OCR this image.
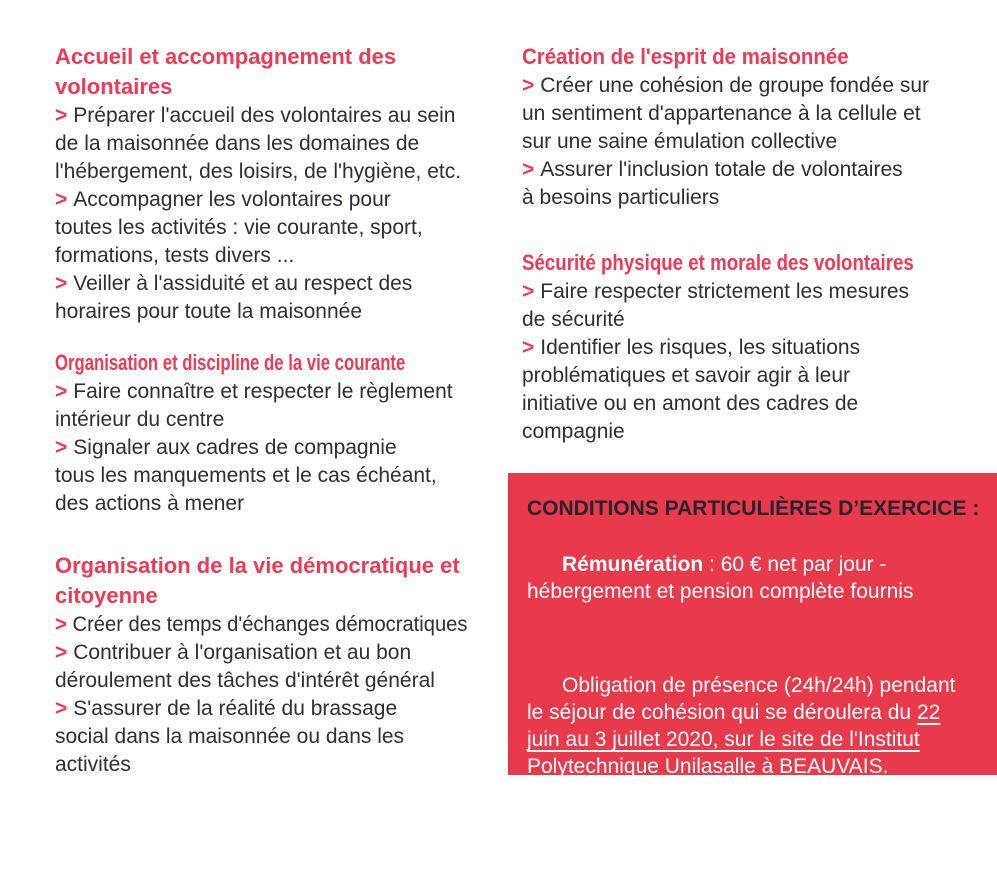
Accueil et accompagnement des
volontaires

> Préparer l'accueil des volontaires au sein
de la maisonnée dans les domaines de
l'hébergement, des loisirs, de l'hygiène, etc.

> Accompagner les volontaires pour
toutes les activités : vie courante, sport,
formations, tests divers ...

> Veiller à l'assiduité et au respect des
horaires pour toute la maisonnée

Organisation et discipline de la vie courante

> Faire connaître et respecter le règlement
intérieur du centre

> Signaler aux cadres de compagnie
tous les manquements et le cas échéant,
des actions à mener

Organisation de la vie démocratique et
citoyenne

> Créer des temps d'échanges démocratiques

> Contribuer à l'organisation et au bon
déroulement des tâches d'intérêt général

> S'assurer de la réalité du brassage
social dans la maisonnée ou dans les
activités

Création de l'esprit de maisonnée

> Créer une cohésion de groupe fondée sur
un sentiment d'appartenance à la cellule et
sur une saine émulation collective

> Assurer l'inclusion totale de volontaires
à besoins particuliers

Sécurité physique et morale des volontaires

> Faire respecter strictement les mesures
de sécurité

> Identifier les risques, les situations
problématiques et savoir agir à leur
initiative ou en amont des cadres de
compagnie

CONDITIONS PARTICULIÈRES D’EXERCICE :

Rémunération : 60 € net par jour -
hébergement et pension complète fournis

Obligation de présence (24h/24h) pendant
le séjour de cohésion qui se déroulera du 22
juin au 3 juillet 2020, sur le site de l'Institut
Polytechnique Unilasalle à BEAUVAIS.

Vous bénéficierez d’une formation rémunérée
en amont du séjour.
